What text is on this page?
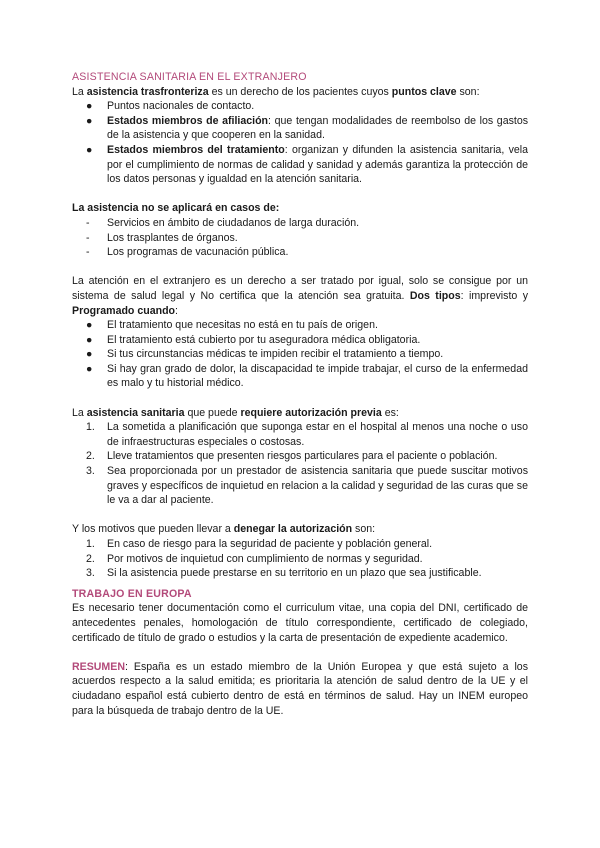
ASISTENCIA SANITARIA EN EL EXTRANJERO

La asistencia trasfronteriza es un derecho de los pacientes cuyos puntos clave son:

● Puntos nacionales de contacto.
● Estados miembros de afiliación: que tengan modalidades de reembolso de los gastos de la asistencia y que cooperen en la sanidad.
● Estados miembros del tratamiento: organizan y difunden la asistencia sanitaria, vela por el cumplimiento de normas de calidad y sanidad y además garantiza la protección de los datos personas y igualdad en la atención sanitaria.

La asistencia no se aplicará en casos de:

- Servicios en ámbito de ciudadanos de larga duración.
- Los trasplantes de órganos.
- Los programas de vacunación pública.

La atención en el extranjero es un derecho a ser tratado por igual, solo se consigue por un sistema de salud legal y No certifica que la atención sea gratuita. Dos tipos: imprevisto y Programado cuando:

● El tratamiento que necesitas no está en tu país de origen.
● El tratamiento está cubierto por tu aseguradora médica obligatoria.
● Si tus circunstancias médicas te impiden recibir el tratamiento a tiempo.
● Si hay gran grado de dolor, la discapacidad te impide trabajar, el curso de la enfermedad es malo y tu historial médico.

La asistencia sanitaria que puede requiere autorización previa es:

1. La sometida a planificación que suponga estar en el hospital al menos una noche o uso de infraestructuras especiales o costosas.
2. Lleve tratamientos que presenten riesgos particulares para el paciente o población.
3. Sea proporcionada por un prestador de asistencia sanitaria que puede suscitar motivos graves y específicos de inquietud en relacion a la calidad y seguridad de las curas que se le va a dar al paciente.

Y los motivos que pueden llevar a denegar la autorización son:

1. En caso de riesgo para la seguridad de paciente y población general.
2. Por motivos de inquietud con cumplimiento de normas y seguridad.
3. Si la asistencia puede prestarse en su territorio en un plazo que sea justificable.
TRABAJO EN EUROPA

Es necesario tener documentación como el curriculum vitae, una copia del DNI, certificado de antecedentes penales, homologación de título correspondiente, certificado de colegiado, certificado de título de grado o estudios y la carta de presentación de expediente academico.

RESUMEN: España es un estado miembro de la Unión Europea y que está sujeto a los acuerdos respecto a la salud emitida; es prioritaria la atención de salud dentro de la UE y el ciudadano español está cubierto dentro de está en términos de salud. Hay un INEM europeo para la búsqueda de trabajo dentro de la UE.
